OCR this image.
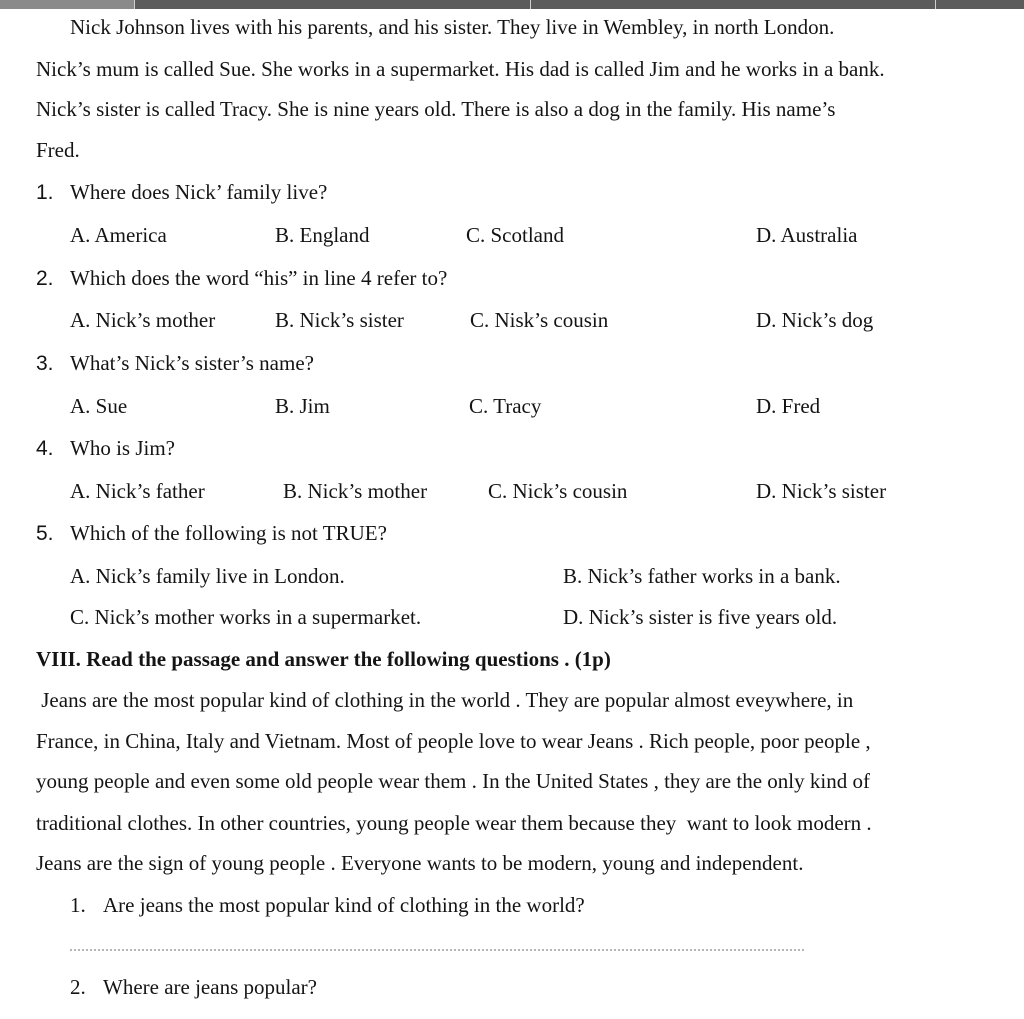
Nick Johnson lives with his parents, and his sister. They live in Wembley, in north London.
Nick’s mum is called Sue. She works in a supermarket. His dad is called Jim and he works in a bank.
Nick’s sister is called Tracy. She is nine years old. There is also a dog in the family. His name’s
Fred.
1. Where does Nick’ family live?
A. America	B. England	C. Scotland	D. Australia
2. Which does the word “his” in line 4 refer to?
A. Nick’s mother	B. Nick’s sister	C. Nisk’s cousin	D. Nick’s dog
3. What’s Nick’s sister’s name?
A. Sue	B. Jim	C. Tracy	D. Fred
4. Who is Jim?
A. Nick’s father	B. Nick’s mother	C. Nick’s cousin	D. Nick’s sister
5. Which of the following is not TRUE?
A. Nick’s family live in London.	B. Nick’s father works in a bank.
C. Nick’s mother works in a supermarket.	D. Nick’s sister is five years old.
VIII. Read the passage and answer the following questions . (1p)
Jeans are the most popular kind of clothing in the world . They are popular almost eveywhere, in
France, in China, Italy and Vietnam. Most of people love to wear Jeans . Rich people, poor people ,
young people and even some old people wear them . In the United States , they are the only kind of
traditional clothes. In other countries, young people wear them because they  want to look modern .
Jeans are the sign of young people . Everyone wants to be modern, young and independent.
1. Are jeans the most popular kind of clothing in the world?
2. Where are jeans popular?
